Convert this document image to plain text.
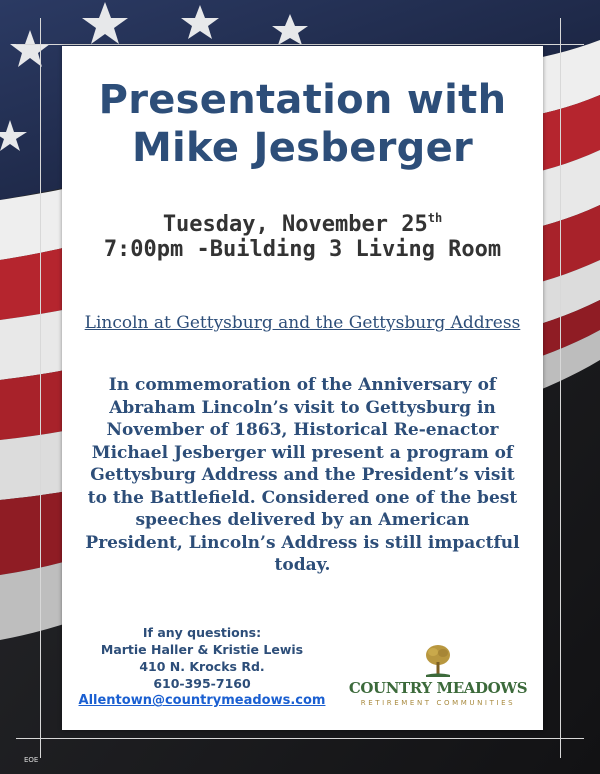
Presentation with
Mike Jesberger
Tuesday, November 25th
7:00pm -Building 3 Living Room
Lincoln at Gettysburg and the Gettysburg Address
In commemoration of the Anniversary of Abraham Lincoln’s visit to Gettysburg in November of 1863, Historical Re-enactor Michael Jesberger will present a program of Gettysburg Address and the President’s visit to the Battlefield. Considered one of the best speeches delivered by an American President, Lincoln’s Address is still impactful today.
If any questions:
Martie Haller & Kristie Lewis
410 N. Krocks Rd.
610-395-7160
Allentown@countrymeadows.com
COUNTRY MEADOWS
RETIREMENT COMMUNITIES
EOE
